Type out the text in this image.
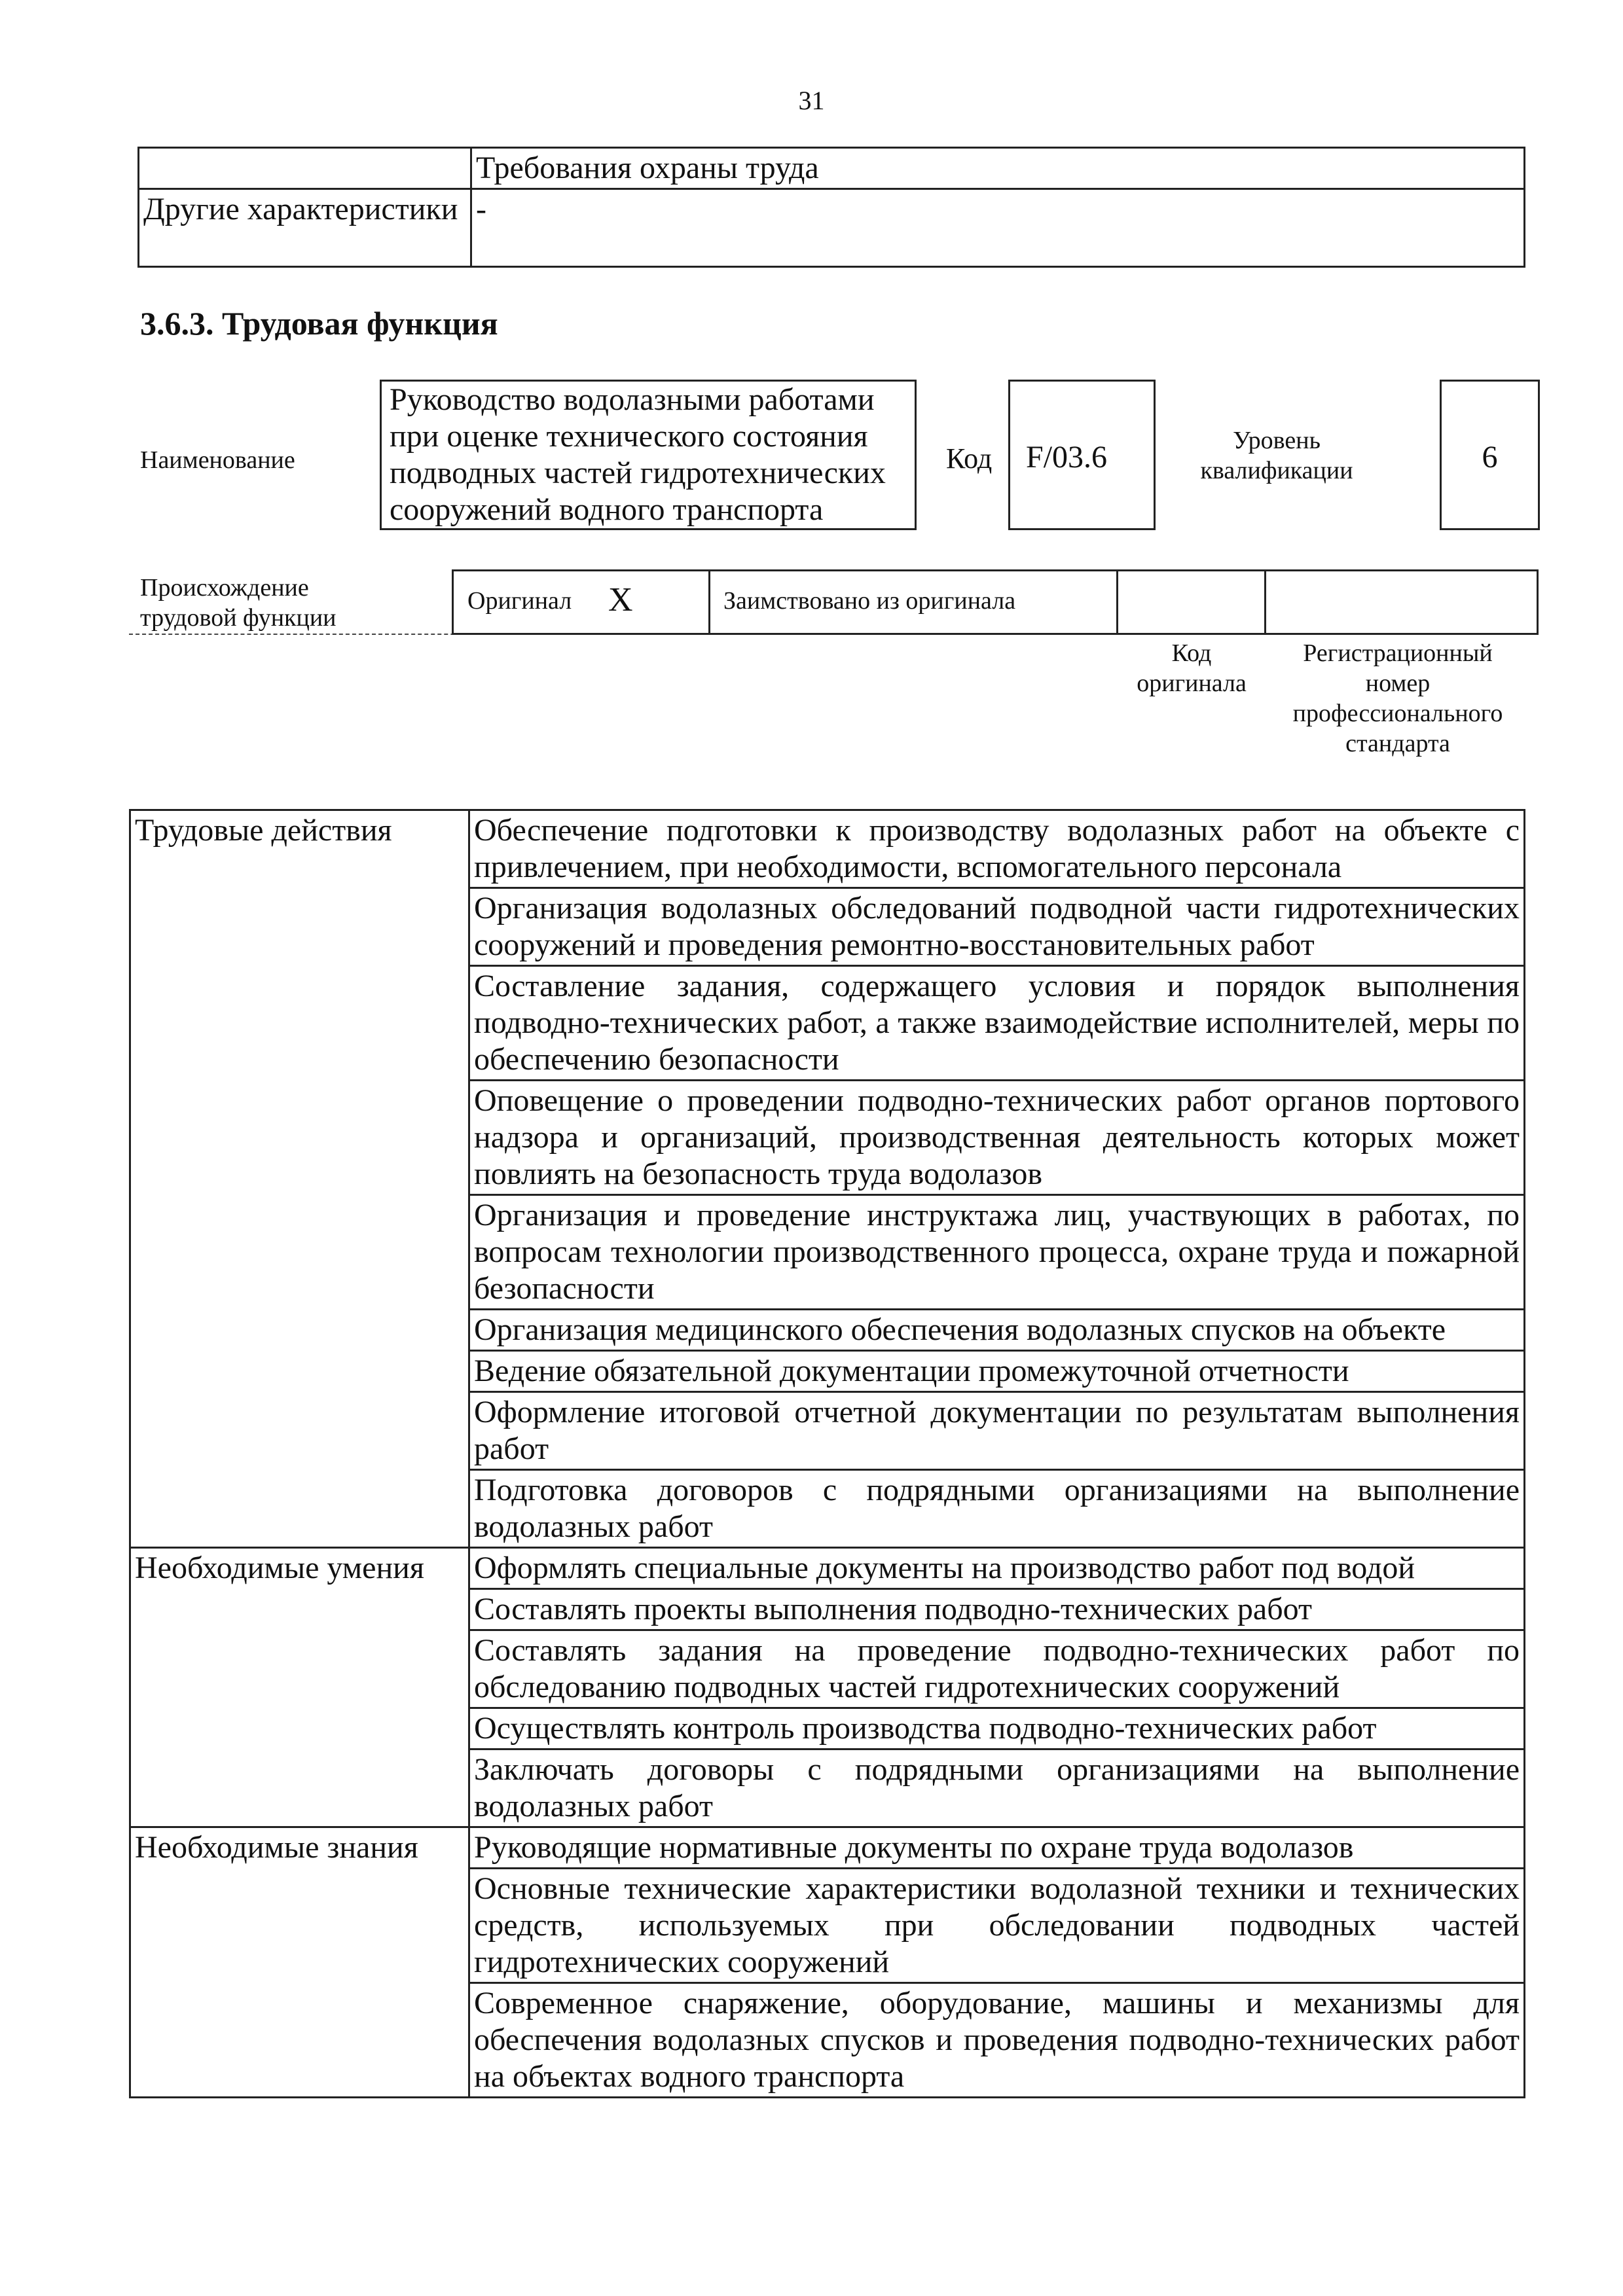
31
	Требования охраны труда
Другие характеристики	-
3.6.3. Трудовая функция
Наименование
Руководство водолазными работами при оценке технического состояния подводных частей гидротехнических сооружений водного транспорта
Код	F/03.6	Уровень квалификации	6
Происхождение трудовой функции
Оригинал X	Заимствовано из оригинала
Код оригинала
Регистрационный номер профессионального стандарта
Трудовые действия	Обеспечение подготовки к производству водолазных работ на объекте с привлечением, при необходимости, вспомогательного персонала
	Организация водолазных обследований подводной части гидротехнических сооружений и проведения ремонтно-восстановительных работ
	Составление задания, содержащего условия и порядок выполнения подводно-технических работ, а также взаимодействие исполнителей, меры по обеспечению безопасности
	Оповещение о проведении подводно-технических работ органов портового надзора и организаций, производственная деятельность которых может повлиять на безопасность труда водолазов
	Организация и проведение инструктажа лиц, участвующих в работах, по вопросам технологии производственного процесса, охране труда и пожарной безопасности
	Организация медицинского обеспечения водолазных спусков на объекте
	Ведение обязательной документации промежуточной отчетности
	Оформление итоговой отчетной документации по результатам выполнения работ
	Подготовка договоров с подрядными организациями на выполнение водолазных работ
Необходимые умения	Оформлять специальные документы на производство работ под водой
	Составлять проекты выполнения подводно-технических работ
	Составлять задания на проведение подводно-технических работ по обследованию подводных частей гидротехнических сооружений
	Осуществлять контроль производства подводно-технических работ
	Заключать договоры с подрядными организациями на выполнение водолазных работ
Необходимые знания	Руководящие нормативные документы по охране труда водолазов
	Основные технические характеристики водолазной техники и технических средств, используемых при обследовании подводных частей гидротехнических сооружений
	Современное снаряжение, оборудование, машины и механизмы для обеспечения водолазных спусков и проведения подводно-технических работ на объектах водного транспорта
